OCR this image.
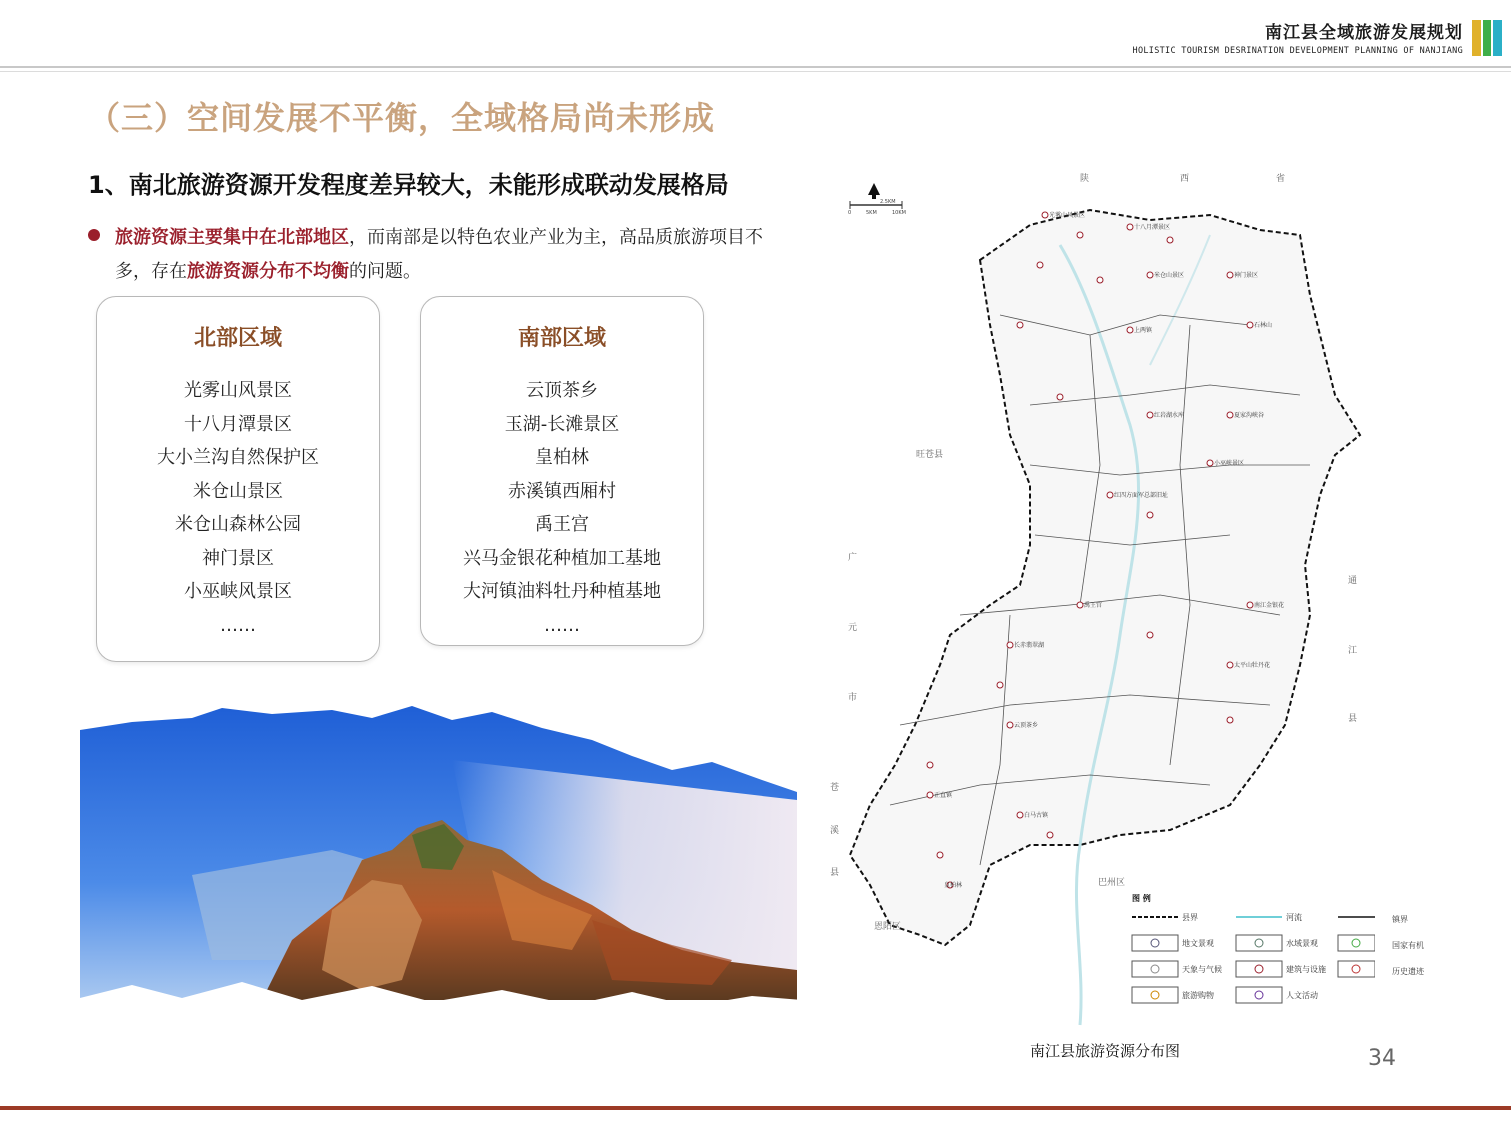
南江县全域旅游发展规划
HOLISTIC TOURISM DESRINATION DEVELOPMENT PLANNING OF NANJIANG
（三）空间发展不平衡，全域格局尚未形成
1、南北旅游资源开发程度差异较大，未能形成联动发展格局
旅游资源主要集中在北部地区，而南部是以特色农业产业为主，高品质旅游项目不多，存在旅游资源分布不均衡的问题。
北部区域
光雾山风景区
十八月潭景区
大小兰沟自然保护区
米仓山景区
米仓山森林公园
神门景区
小巫峡风景区
……
南部区域
云顶茶乡
玉湖-长滩景区
皇柏林
赤溪镇西厢村
禹王宫
兴马金银花种植加工基地
大河镇油料牡丹种植基地
……
0
2.5KM
5KM	10KM	光雾山风景区
十八月潭景区
米仓山景区
石林山
神门景区
上两镇
红岩湖水库	夏家沟峡谷
小巫峡景区
红四方面军总部旧址
南江金银花
禹王宫
长赤翡翠湖
云顶茶乡
太平山牡丹花
正直镇
皇柏林
白马古镇
陕	西	省
旺苍县
广
元
市
苍
溪
县
通
江
县
恩阳区
巴州区
图 例
县界	河流
地文景观	水域景观
天象与气候	建筑与设施
旅游购物	人文活动
镇界
国家有机
历史遗迹
南江县旅游资源分布图	34
